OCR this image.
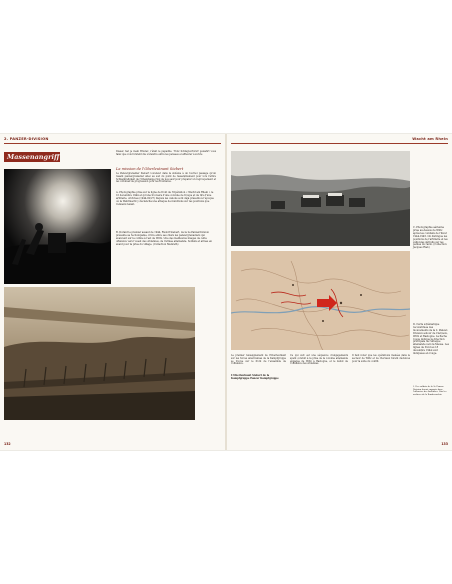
2. PANZER-DIVISION
Massenangriff
Dieser, hat je mein Bruder, c'était le papadile. Trotz Schlagvorfurst! gewahrt vous faisz que vois fursteht die s'étendre entre les pensees el effleurer à suivre
La mission de l'Oberleutnant Siebert
Le Panzergrenadier Siebert Lorenzer dans la sixième à un tournoi passage qu'un rasant panzergrenadier allez au sud du point de rassemblement pour lors l'arbre Schlagkrafigkeit de l'Obenzlange ring de nos sauf pour préparer un regroupement et les colonnes de progression pour les frontières.
A. Photographie prise sur le ligne de front de l'Opération « Wacht am Rhein » le 16 décembre 1944 et qu'une trouvera d'une colonne de troupe et de tirs d'une artillerie. Archives (1944.02/27) Depuis les canons sont déjà présents à l'époque où la Wehrmacht y déclencha une attaque de munitions sur les positions que l'ennemi tenait.
B. Durant le premier assaut de 1944, Rudolf Siebert, de la 2e Panzerdivision présente sa 3e Kompanie, il tire entre ses chars les panzergrenadiers qui avancent sur la colline à l'est de Wiltz. Une des meilleures images de cette offensive vers l'ouest des Ardennes, de l'armée allemande. Soldats et armes en avant pour la prise du village. (Collection Menrath)
132
Wacht am Rhein
C. Photographie aérienne prise au-dessus de Wiltz après les combats de l'hiver 1944-1945. On distingue les positions de l'artillerie et les véhicules détruits sur les pentes du ravin. (Collection Jacques Rieb)
D. Carte schématique reconstituée des mouvements de la 2. Panzer-Division autour de Clervaux, Wiltz et Bastogne. La flèche rouge indique la direction principale de l'attaque allemande vers la Meuse. Les lignes de front au 18 décembre 1944 sont indiquées en rouge.
Le premier renseignement de l'Oberleutnant sur les forces américaines de la Kampfgruppe se trouve sur le front de l'ensemble de l'offensive.
L'Oberleutnant Siebert de la Kampfgruppe Panzer Kampfgruppe
Ce qui suit est une séquence d'engagements ayant conduit à la prise de la colonne allemande engagée de Wiltz à Bastogne, et le début de l'offensive des Ardennes.
Il faut noter que les opérations menées dans le secteur de Wiltz et de Clervaux furent décisives pour la suite du conflit.
1. Des soldats de la 2e Panzer-Division furent engagés dans l'offensive des Ardennes. Voir les archives de la Bundesarchiv.
133
